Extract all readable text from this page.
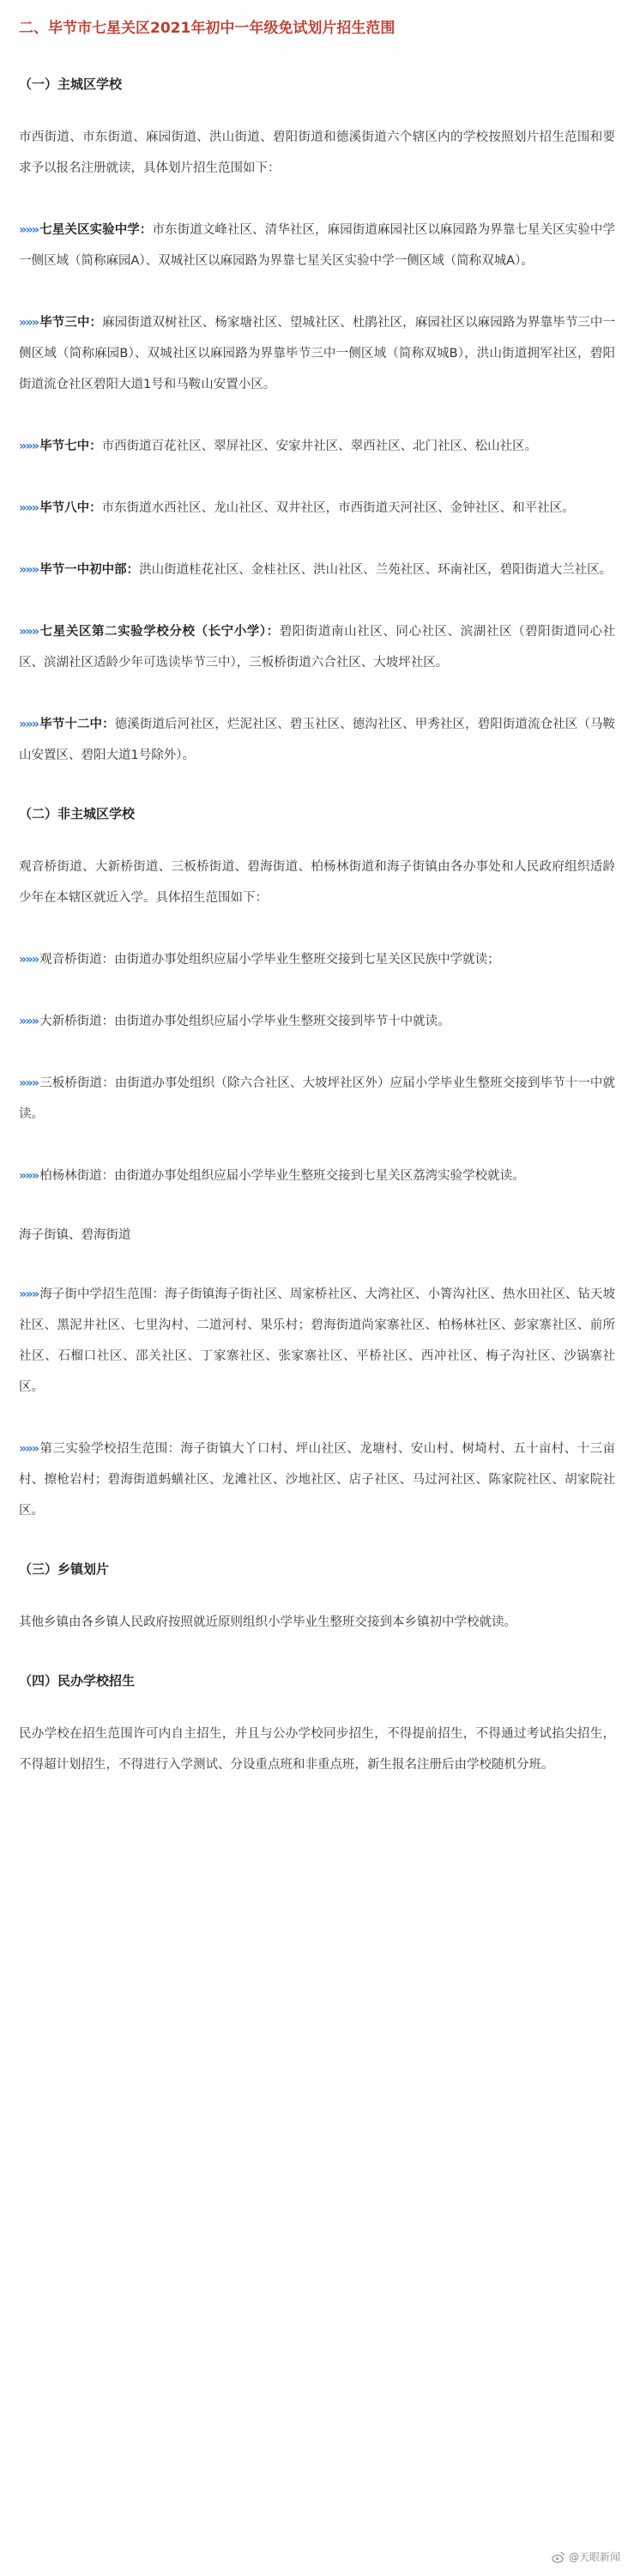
二、毕节市七星关区2021年初中一年级免试划片招生范围
（一）主城区学校
市西街道、市东街道、麻园街道、洪山街道、碧阳街道和德溪街道六个辖区内的学校按照划片招生范围和要求予以报名注册就读，具体划片招生范围如下：
»»» 七星关区实验中学：市东街道文峰社区、清华社区，麻园街道麻园社区以麻园路为界靠七星关区实验中学一侧区域（简称麻园A）、双城社区以麻园路为界靠七星关区实验中学一侧区域（简称双城A）。
»»» 毕节三中：麻园街道双树社区、杨家塘社区、望城社区、杜鹃社区，麻园社区以麻园路为界靠毕节三中一侧区域（简称麻园B）、双城社区以麻园路为界靠毕节三中一侧区域（简称双城B），洪山街道拥军社区，碧阳街道流仓社区碧阳大道1号和马鞍山安置小区。
»»» 毕节七中：市西街道百花社区、翠屏社区、安家井社区、翠西社区、北门社区、松山社区。
»»» 毕节八中：市东街道水西社区、龙山社区、双井社区，市西街道天河社区、金钟社区、和平社区。
»»» 毕节一中初中部：洪山街道桂花社区、金桂社区、洪山社区、兰苑社区、环南社区，碧阳街道大兰社区。
»»» 七星关区第二实验学校分校（长宁小学）：碧阳街道南山社区、同心社区、滨湖社区（碧阳街道同心社区、滨湖社区适龄少年可选读毕节三中），三板桥街道六合社区、大坡坪社区。
»»» 毕节十二中：德溪街道后河社区，烂泥社区、碧玉社区、德沟社区、甲秀社区，碧阳街道流仓社区（马鞍山安置区、碧阳大道1号除外）。
（二）非主城区学校
观音桥街道、大新桥街道、三板桥街道、碧海街道、柏杨林街道和海子街镇由各办事处和人民政府组织适龄少年在本辖区就近入学。具体招生范围如下：
»»» 观音桥街道：由街道办事处组织应届小学毕业生整班交接到七星关区民族中学就读；
»»» 大新桥街道：由街道办事处组织应届小学毕业生整班交接到毕节十中就读。
»»» 三板桥街道：由街道办事处组织（除六合社区、大坡坪社区外）应届小学毕业生整班交接到毕节十一中就读。
»»» 柏杨林街道：由街道办事处组织应届小学毕业生整班交接到七星关区荔湾实验学校就读。
海子街镇、碧海街道
»»» 海子街中学招生范围：海子街镇海子街社区、周家桥社区、大湾社区、小箐沟社区、热水田社区、钻天坡社区、黑泥井社区、七里沟村、二道河村、果乐村；碧海街道尚家寨社区、柏杨林社区、彭家寨社区、前所社区、石榴口社区、邵关社区、丁家寨社区、张家寨社区、平桥社区、西冲社区、梅子沟社区、沙锅寨社区。
»»» 第三实验学校招生范围：海子街镇大丫口村、坪山社区、龙塘村、安山村、树埼村、五十亩村、十三亩村、擦枪岩村；碧海街道蚂蟥社区、龙滩社区、沙地社区、店子社区、马过河社区、陈家院社区、胡家院社区。
（三）乡镇划片
其他乡镇由各乡镇人民政府按照就近原则组织小学毕业生整班交接到本乡镇初中学校就读。
（四）民办学校招生
民办学校在招生范围许可内自主招生，并且与公办学校同步招生，不得提前招生，不得通过考试掐尖招生，不得超计划招生，不得进行入学测试、分设重点班和非重点班，新生报名注册后由学校随机分班。
@天眼新闻
